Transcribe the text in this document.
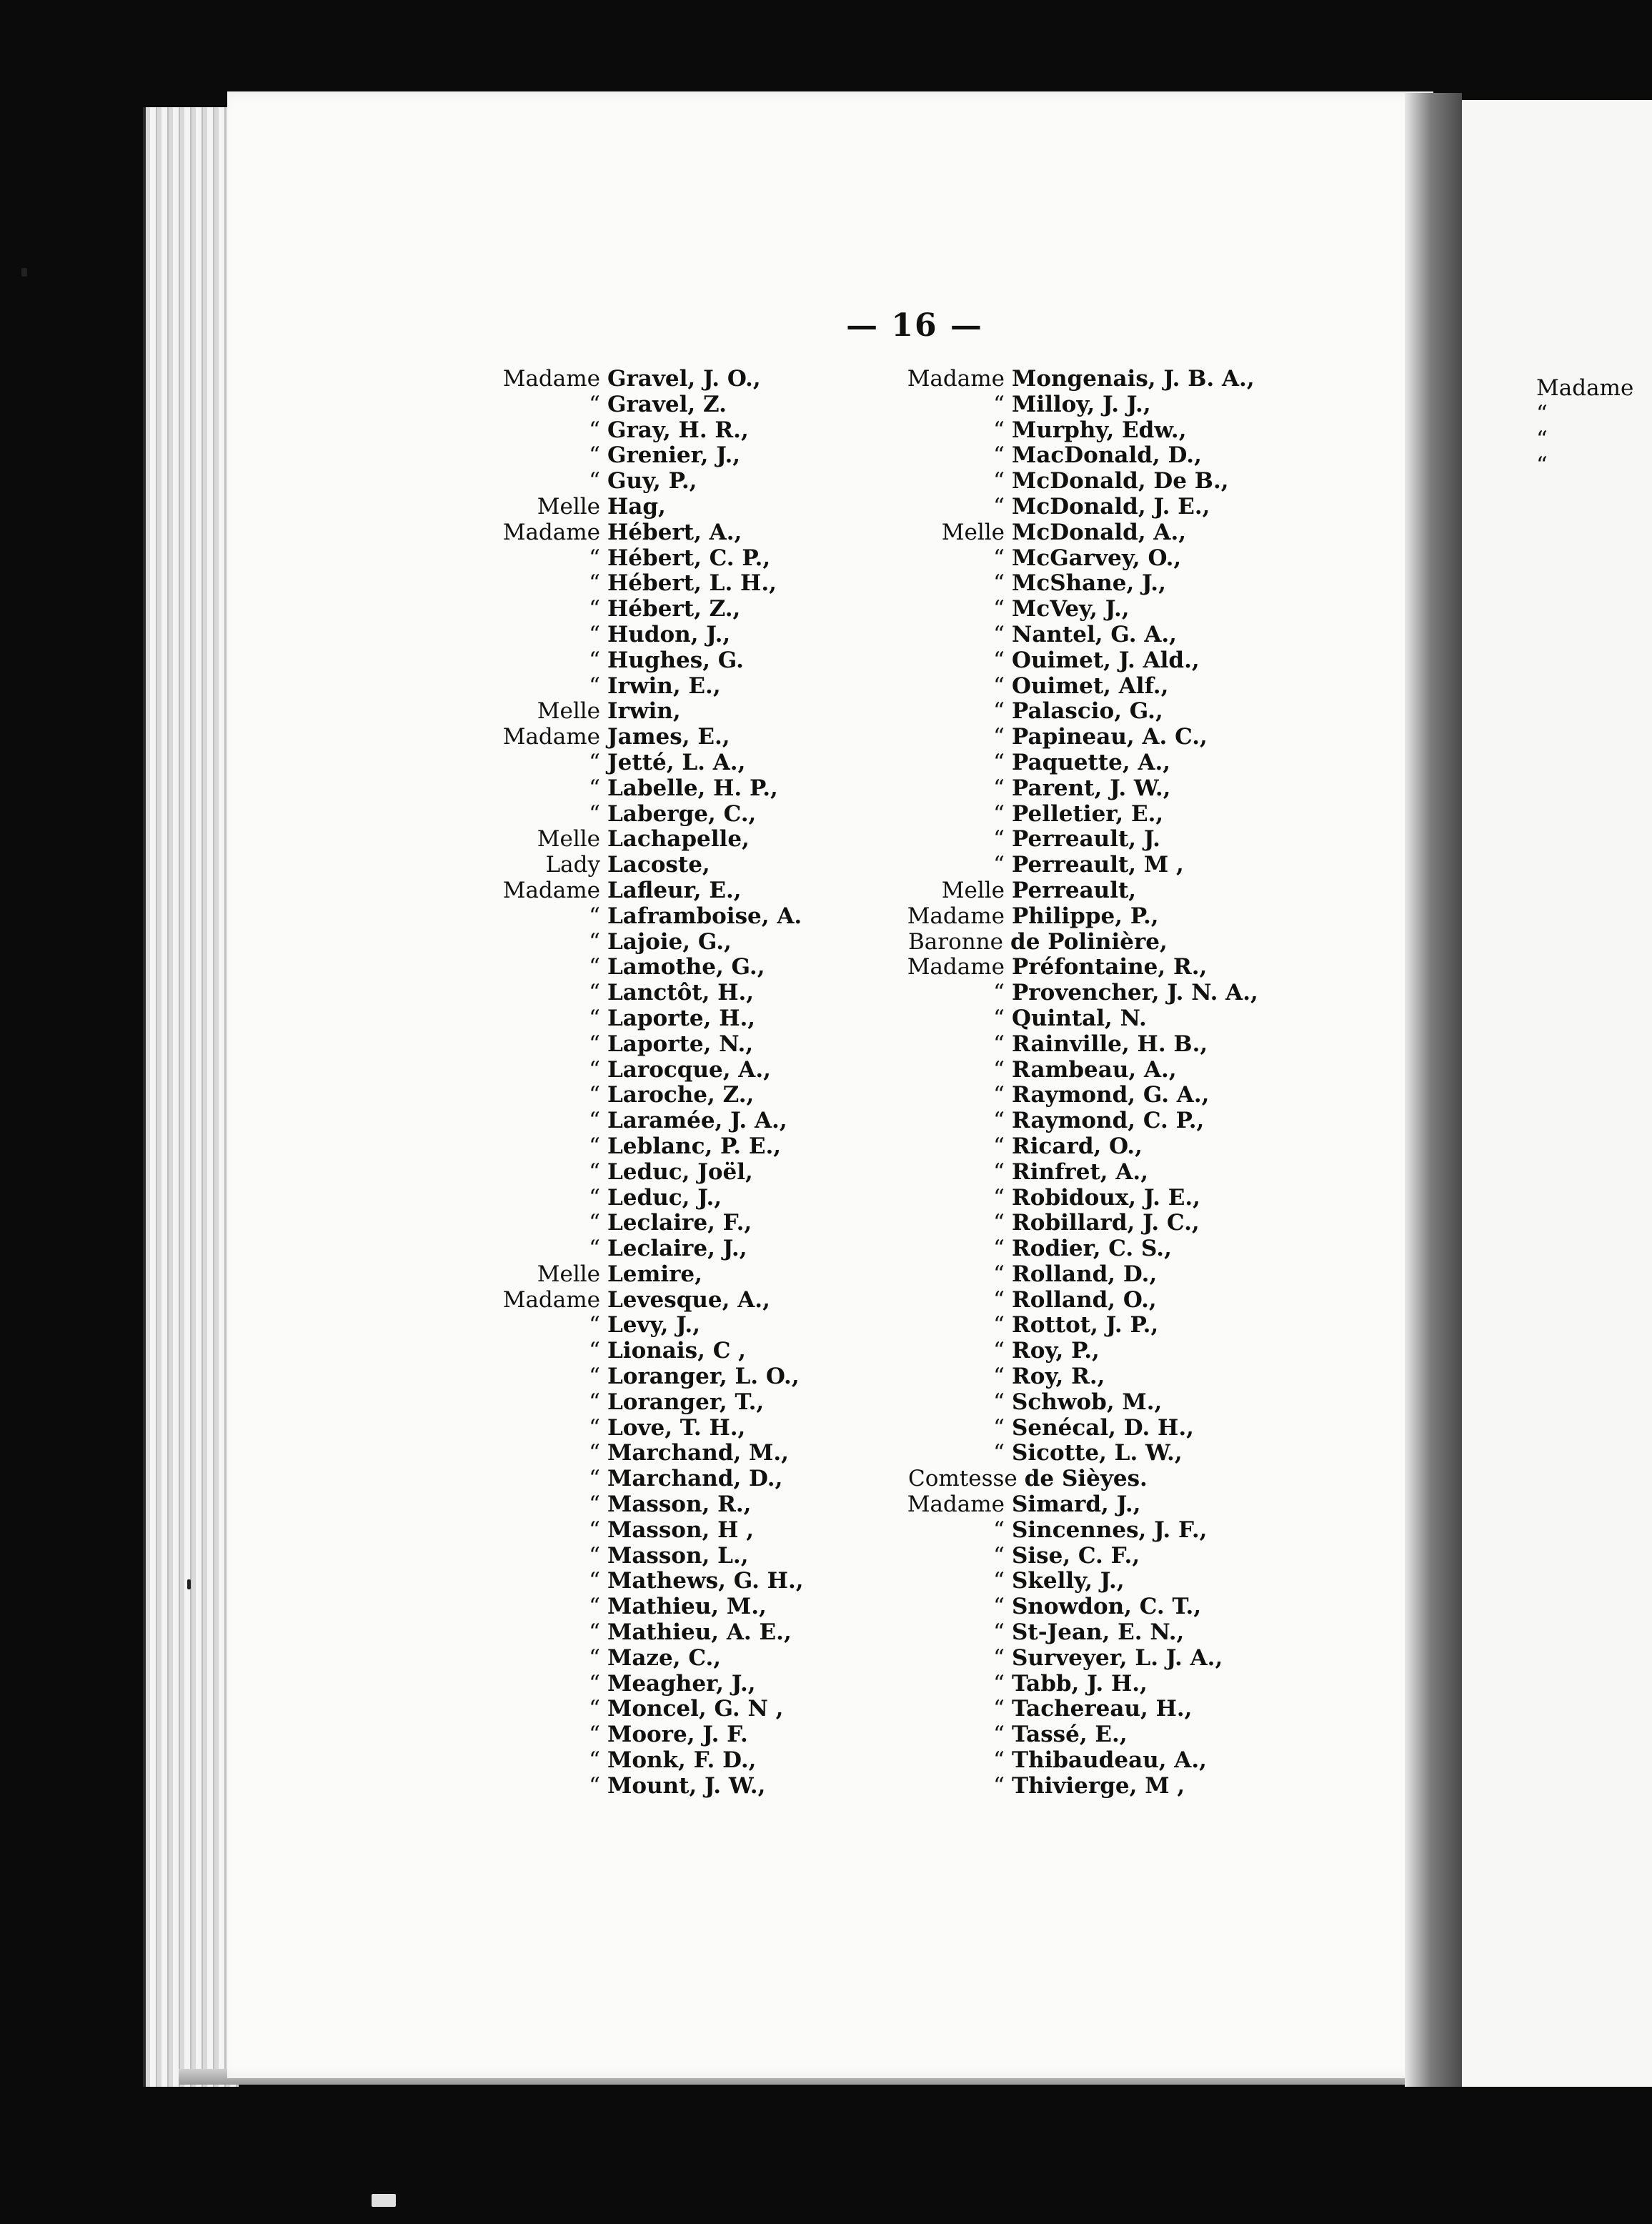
— 16 —
Madame Gravel, J. O.,
“ Gravel, Z.
“ Gray, H. R.,
“ Grenier, J.,
“ Guy, P.,
Melle Hag,
Madame Hébert, A.,
“ Hébert, C. P.,
“ Hébert, L. H.,
“ Hébert, Z.,
“ Hudon, J.,
“ Hughes, G.
“ Irwin, E.,
Melle Irwin,
Madame James, E.,
“ Jetté, L. A.,
“ Labelle, H. P.,
“ Laberge, C.,
Melle Lachapelle,
Lady Lacoste,
Madame Lafleur, E.,
“ Laframboise, A.
“ Lajoie, G.,
“ Lamothe, G.,
“ Lanctôt, H.,
“ Laporte, H.,
“ Laporte, N.,
“ Larocque, A.,
“ Laroche, Z.,
“ Laramée, J. A.,
“ Leblanc, P. E.,
“ Leduc, Joël,
“ Leduc, J.,
“ Leclaire, F.,
“ Leclaire, J.,
Melle Lemire,
Madame Levesque, A.,
“ Levy, J.,
“ Lionais, C ,
“ Loranger, L. O.,
“ Loranger, T.,
“ Love, T. H.,
“ Marchand, M.,
“ Marchand, D.,
“ Masson, R.,
“ Masson, H ,
“ Masson, L.,
“ Mathews, G. H.,
“ Mathieu, M.,
“ Mathieu, A. E.,
“ Maze, C.,
“ Meagher, J.,
“ Moncel, G. N ,
“ Moore, J. F.
“ Monk, F. D.,
“ Mount, J. W.,
Madame Mongenais, J. B. A.,
“ Milloy, J. J.,
“ Murphy, Edw.,
“ MacDonald, D.,
“ McDonald, De B.,
“ McDonald, J. E.,
Melle McDonald, A.,
“ McGarvey, O.,
“ McShane, J.,
“ McVey, J.,
“ Nantel, G. A.,
“ Ouimet, J. Ald.,
“ Ouimet, Alf.,
“ Palascio, G.,
“ Papineau, A. C.,
“ Paquette, A.,
“ Parent, J. W.,
“ Pelletier, E.,
“ Perreault, J.
“ Perreault, M ,
Melle Perreault,
Madame Philippe, P.,
Baronne de Polinière,
Madame Préfontaine, R.,
“ Provencher, J. N. A.,
“ Quintal, N.
“ Rainville, H. B.,
“ Rambeau, A.,
“ Raymond, G. A.,
“ Raymond, C. P.,
“ Ricard, O.,
“ Rinfret, A.,
“ Robidoux, J. E.,
“ Robillard, J. C.,
“ Rodier, C. S.,
“ Rolland, D.,
“ Rolland, O.,
“ Rottot, J. P.,
“ Roy, P.,
“ Roy, R.,
“ Schwob, M.,
“ Senécal, D. H.,
“ Sicotte, L. W.,
Comtesse de Sièyes.
Madame Simard, J.,
“ Sincennes, J. F.,
“ Sise, C. F.,
“ Skelly, J.,
“ Snowdon, C. T.,
“ St-Jean, E. N.,
“ Surveyer, L. J. A.,
“ Tabb, J. H.,
“ Tachereau, H.,
“ Tassé, E.,
“ Thibaudeau, A.,
“ Thivierge, M ,
Madame
“
“
“
